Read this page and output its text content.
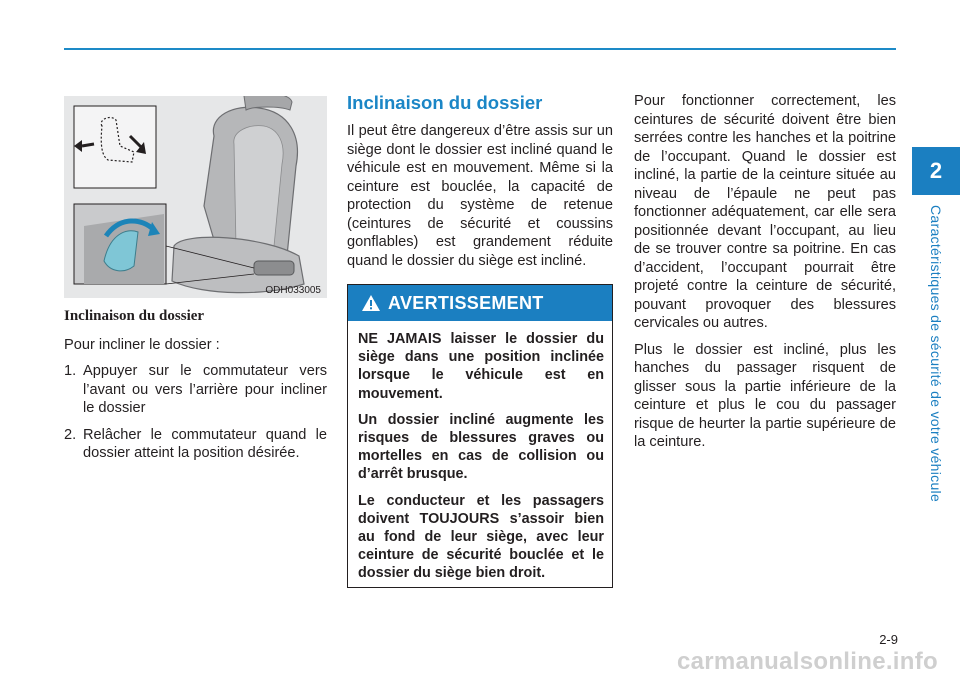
2
Caractéristiques de sécurité de votre véhicule
ODH033005
Inclinaison du dossier

Pour incliner le dossier :

1. Appuyer sur le commutateur vers l’avant ou vers l’arrière pour incliner le dossier
2. Relâcher le commutateur quand le dossier atteint la position désirée.
Inclinaison du dossier

Il peut être dangereux d’être assis sur un siège dont le dossier est incliné quand le véhicule est en mouvement. Même si la ceinture est bouclée, la capacité de protection du système de retenue (ceintures de sécurité et coussins gonflables) est grandement réduite quand le dossier du siège est incliné.

AVERTISSEMENT

NE JAMAIS laisser le dossier du siège dans une position inclinée lorsque le véhicule est en mouvement.

Un dossier incliné augmente les risques de blessures graves ou mortelles en cas de collision ou d’arrêt brusque.

Le conducteur et les passagers doivent TOUJOURS s’assoir bien au fond de leur siège, avec leur ceinture de sécurité bouclée et le dossier du siège bien droit.

Pour fonctionner correctement, les ceintures de sécurité doivent être bien serrées contre les hanches et la poitrine de l’occupant. Quand le dossier est incliné, la partie de la ceinture située au niveau de l’épaule ne peut pas fonctionner adéquatement, car elle sera positionnée devant l’occupant, au lieu de se trouver contre sa poitrine. En cas d’accident, l’occupant pourrait être projeté contre la ceinture de sécurité, pouvant provoquer des blessures cervicales ou autres.

Plus le dossier est incliné, plus les hanches du passager risquent de glisser sous la partie inférieure de la ceinture et plus le cou du passager risque de heurter la partie supérieure de la ceinture.

2-9
carmanualsonline.info
